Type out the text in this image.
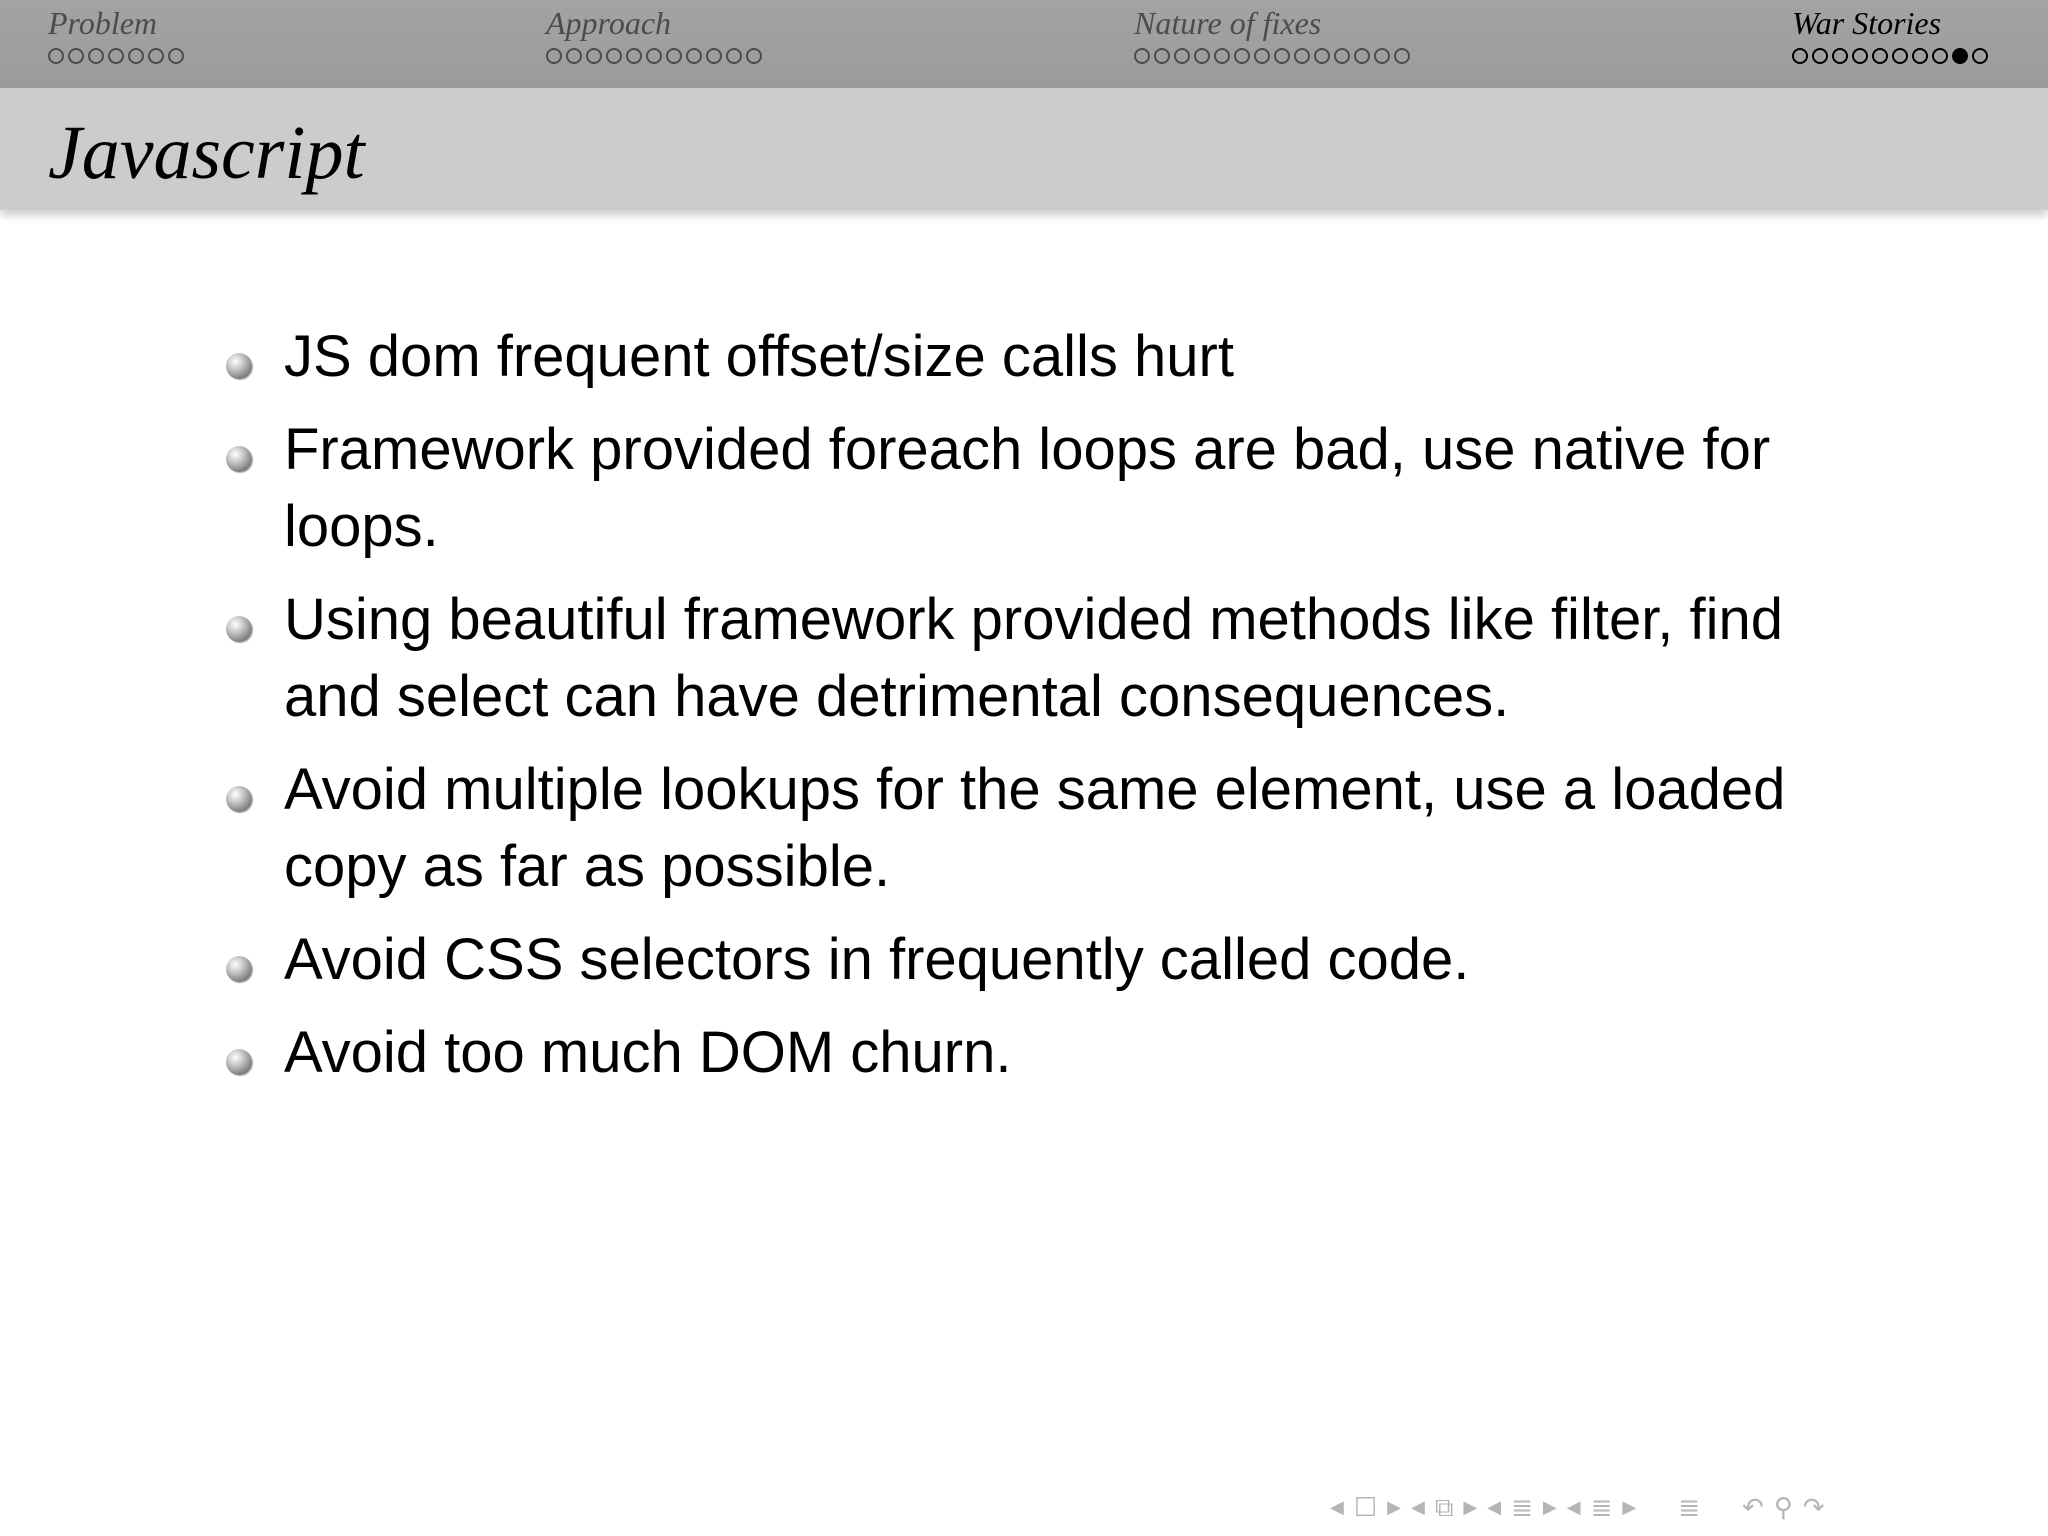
Problem	Approach	Nature of fixes	War Stories
Javascript
JS dom frequent offset/size calls hurt
Framework provided foreach loops are bad, use native for loops.
Using beautiful framework provided methods like filter, find and select can have detrimental consequences.
Avoid multiple lookups for the same element, use a loaded copy as far as possible.
Avoid CSS selectors in frequently called code.
Avoid too much DOM churn.
◀ ☐ ▶ ◀ ⧉ ▶ ◀ ≣ ▶ ◀ ≣ ▶ ≣ ↶ ⚲ ↷
